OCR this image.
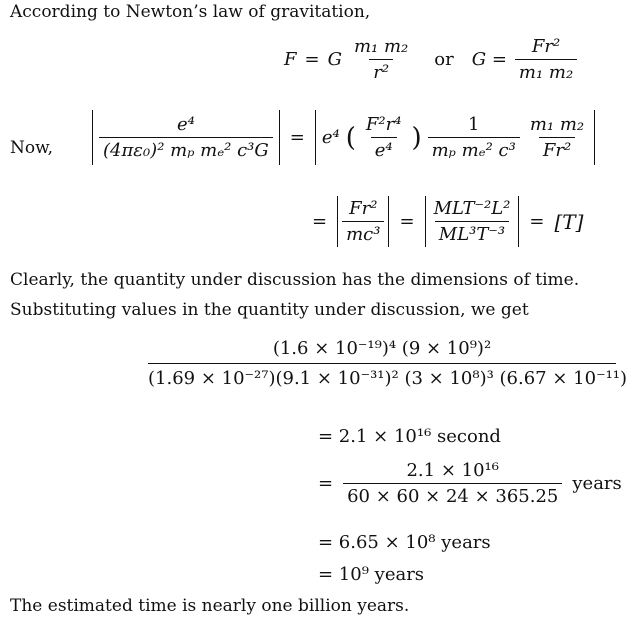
According to Newton’s law of gravitation,
F = G $\frac{\text{m₁ m₂}}{\text{r²}}$ or $G = \frac{\text{Fr²}}{\text{m₁ m₂}}$
Now,	$\frac{\text{e⁴}}{\text{(4πε₀)² mₚ mₑ² c³G}} = e^4$ ( $\frac{\text{F²r⁴}}{\text{e⁴}}$ ) $\frac{1}{\text{mₚ mₑ² c³}} \frac{\text{m₁ m₂}}{\text{Fr²}}$
= $\frac{\text{Fr²}}{\text{mc³}} = \frac{\text{MLT⁻²L²}}{\text{ML³T⁻³}} = [T]$
Clearly, the quantity under discussion has the dimensions of time.
Substituting values in the quantity under discussion, we get
$\frac{\text{(1.6 × 10⁻¹⁹)⁴ (9 × 10⁹)²}}{\text{(1.69 × 10⁻²⁷)(9.1 × 10⁻³¹)² (3 × 10⁸)³ (6.67 × 10⁻¹¹)}}$
= 2.1 × 10¹⁶ second
= $\frac{\text{2.1 × 10¹⁶}}{60 \times 60 \times 24 \times 365.25}$ years
= 6.65 × 10⁸ years
= 10⁹ years
The estimated time is nearly one billion years.
